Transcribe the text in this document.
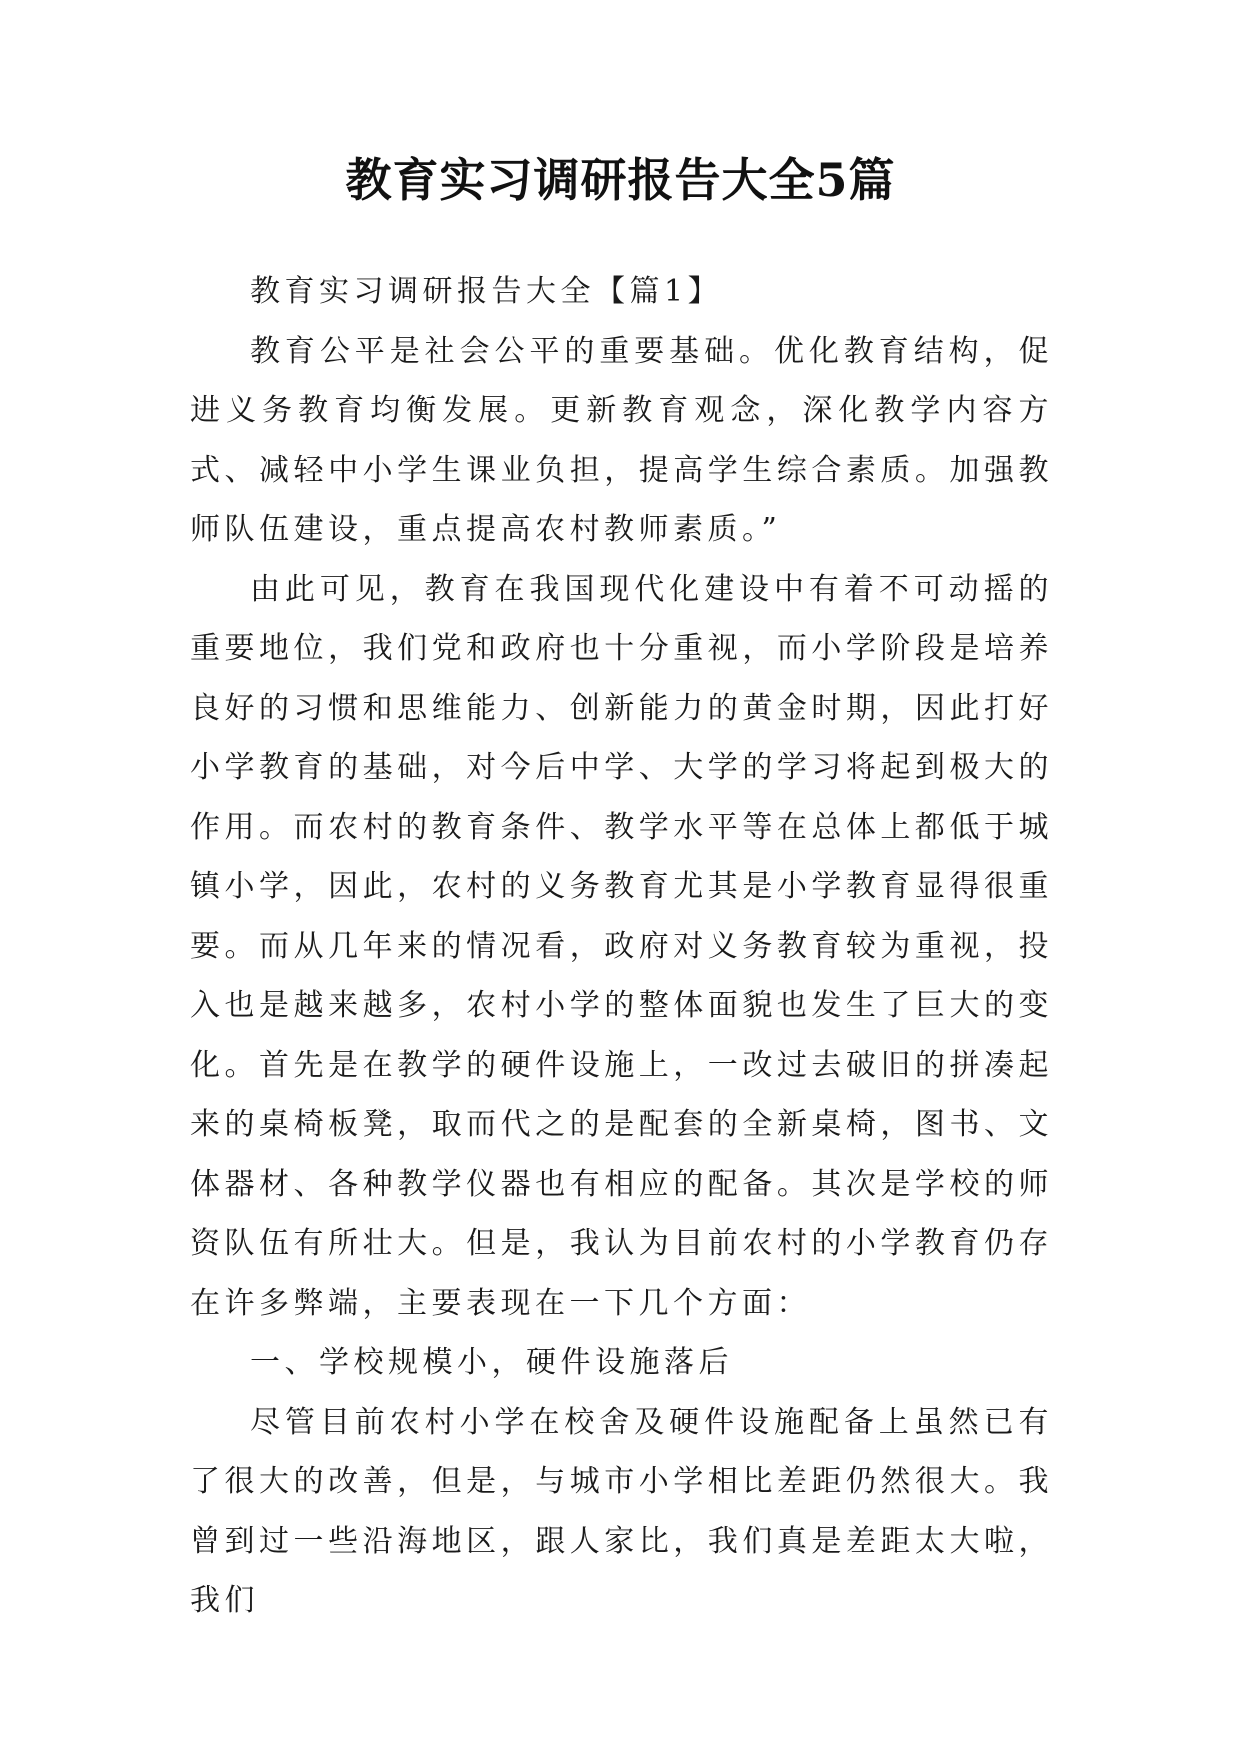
教育实习调研报告大全5篇

教育实习调研报告大全【篇1】

教育公平是社会公平的重要基础。优化教育结构，促进义务教育均衡发展。更新教育观念，深化教学内容方式、减轻中小学生课业负担，提高学生综合素质。加强教师队伍建设，重点提高农村教师素质。”

由此可见，教育在我国现代化建设中有着不可动摇的重要地位，我们党和政府也十分重视，而小学阶段是培养良好的习惯和思维能力、创新能力的黄金时期，因此打好小学教育的基础，对今后中学、大学的学习将起到极大的作用。而农村的教育条件、教学水平等在总体上都低于城镇小学，因此，农村的义务教育尤其是小学教育显得很重要。而从几年来的情况看，政府对义务教育较为重视，投入也是越来越多，农村小学的整体面貌也发生了巨大的变化。首先是在教学的硬件设施上，一改过去破旧的拼凑起来的桌椅板凳，取而代之的是配套的全新桌椅，图书、文体器材、各种教学仪器也有相应的配备。其次是学校的师资队伍有所壮大。但是，我认为目前农村的小学教育仍存在许多弊端，主要表现在一下几个方面：

一、学校规模小，硬件设施落后

尽管目前农村小学在校舍及硬件设施配备上虽然已有了很大的改善，但是，与城市小学相比差距仍然很大。我曾到过一些沿海地区，跟人家比，我们真是差距太大啦，我们
